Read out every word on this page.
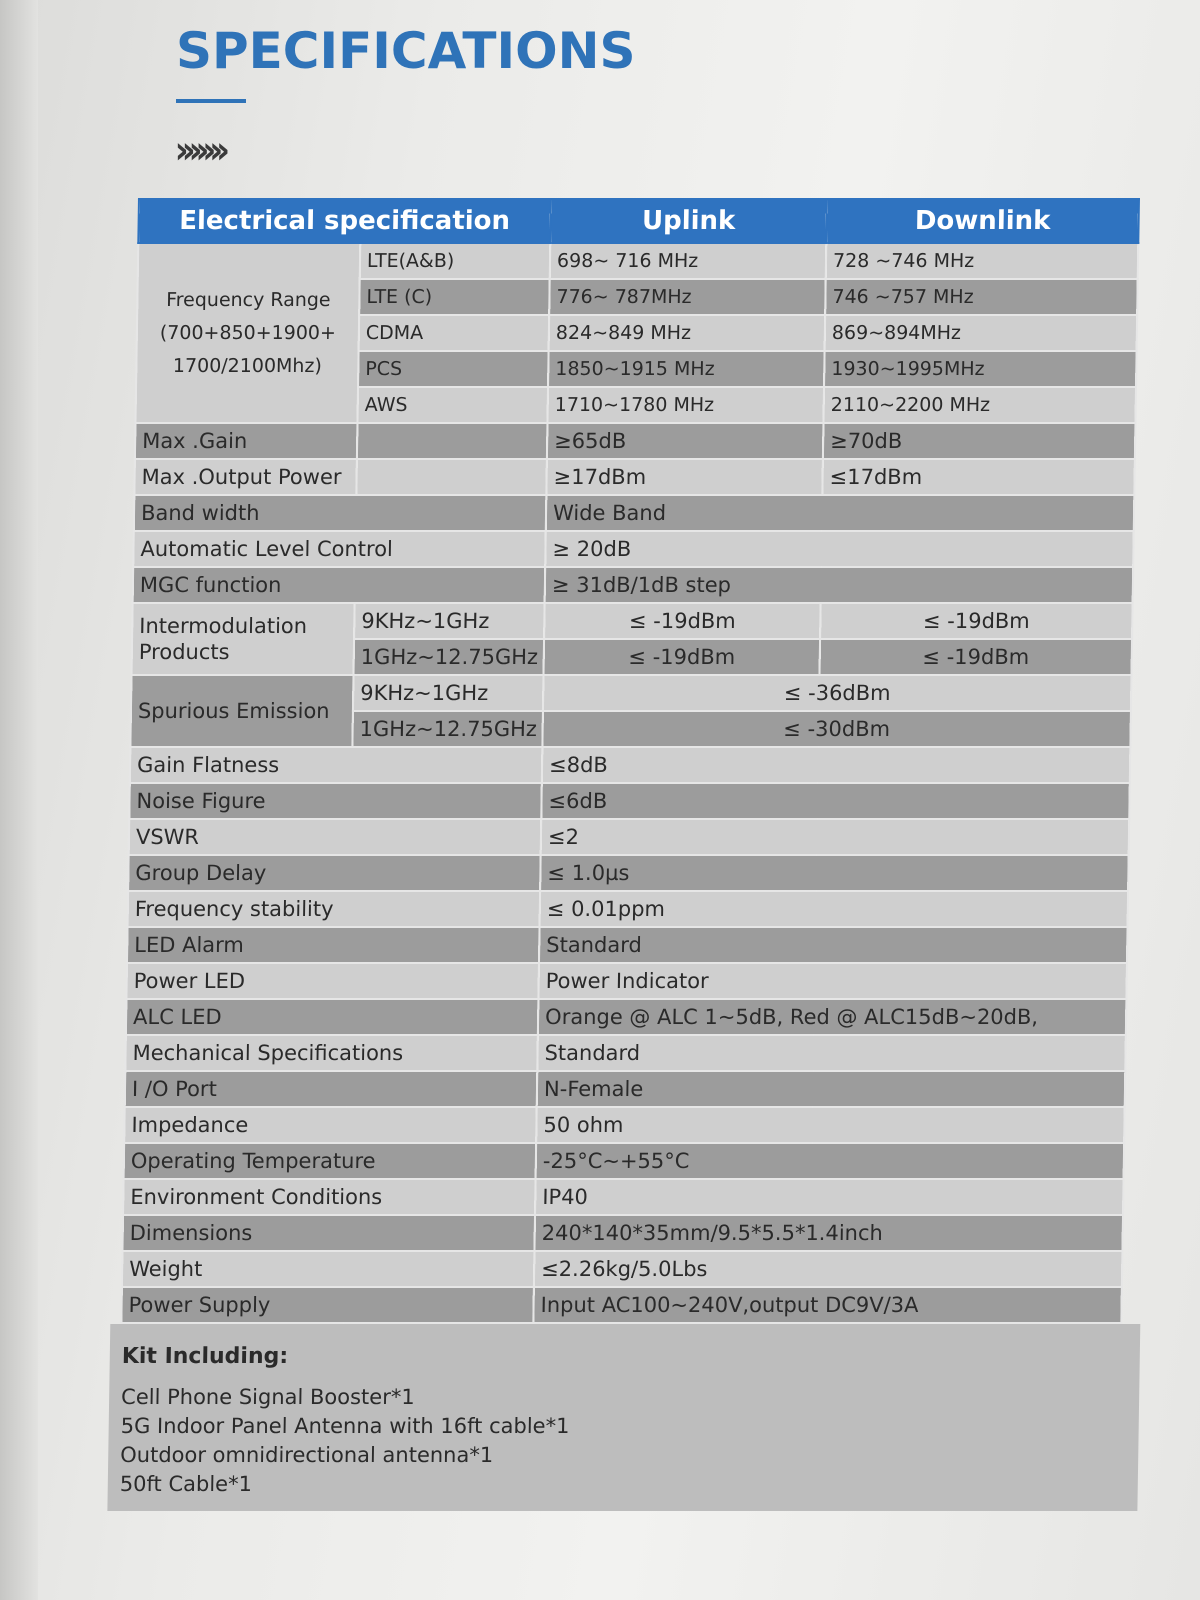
SPECIFICATIONS
›››››››
Electrical specification		Uplink	Downlink

Frequency Range
(700+850+1900+
1700/2100Mhz)	LTE(A&B)	698~ 716 MHz	728 ~746 MHz
	LTE (C)	776~ 787MHz	746 ~757 MHz
	CDMA	824~849 MHz	869~894MHz
	PCS	1850~1915 MHz	1930~1995MHz
	AWS	1710~1780 MHz	2110~2200 MHz
Max .Gain		≥65dB	≥70dB
Max .Output Power		≥17dBm	≤17dBm
Band width		Wide Band	
Automatic Level Control		≥ 20dB	
MGC function		≥ 31dB/1dB step	

Intermodulation
Products	9KHz~1GHz	≤ -19dBm	≤ -19dBm
	1GHz~12.75GHz	≤ -19dBm	≤ -19dBm
Spurious Emission	9KHz~1GHz	≤ -36dBm	
	1GHz~12.75GHz	≤ -30dBm	
Gain Flatness		≤8dB	
Noise Figure		≤6dB	
VSWR		≤2	
Group Delay		≤ 1.0μs	
Frequency stability		≤ 0.01ppm	
LED Alarm		Standard	
Power LED		Power Indicator	
ALC LED		Orange @ ALC 1~5dB, Red @ ALC15dB~20dB,	
Mechanical Specifications		Standard	
I /O Port		N-Female	
Impedance		50 ohm	
Operating Temperature		-25°C~+55°C	
Environment Conditions		IP40	
Dimensions		240*140*35mm/9.5*5.5*1.4inch	
Weight		≤2.26kg/5.0Lbs	
Power Supply		Input AC100~240V,output DC9V/3A	
Kit Including:
Cell Phone Signal Booster*1
5G Indoor Panel Antenna with 16ft cable*1
Outdoor omnidirectional antenna*1
50ft Cable*1
